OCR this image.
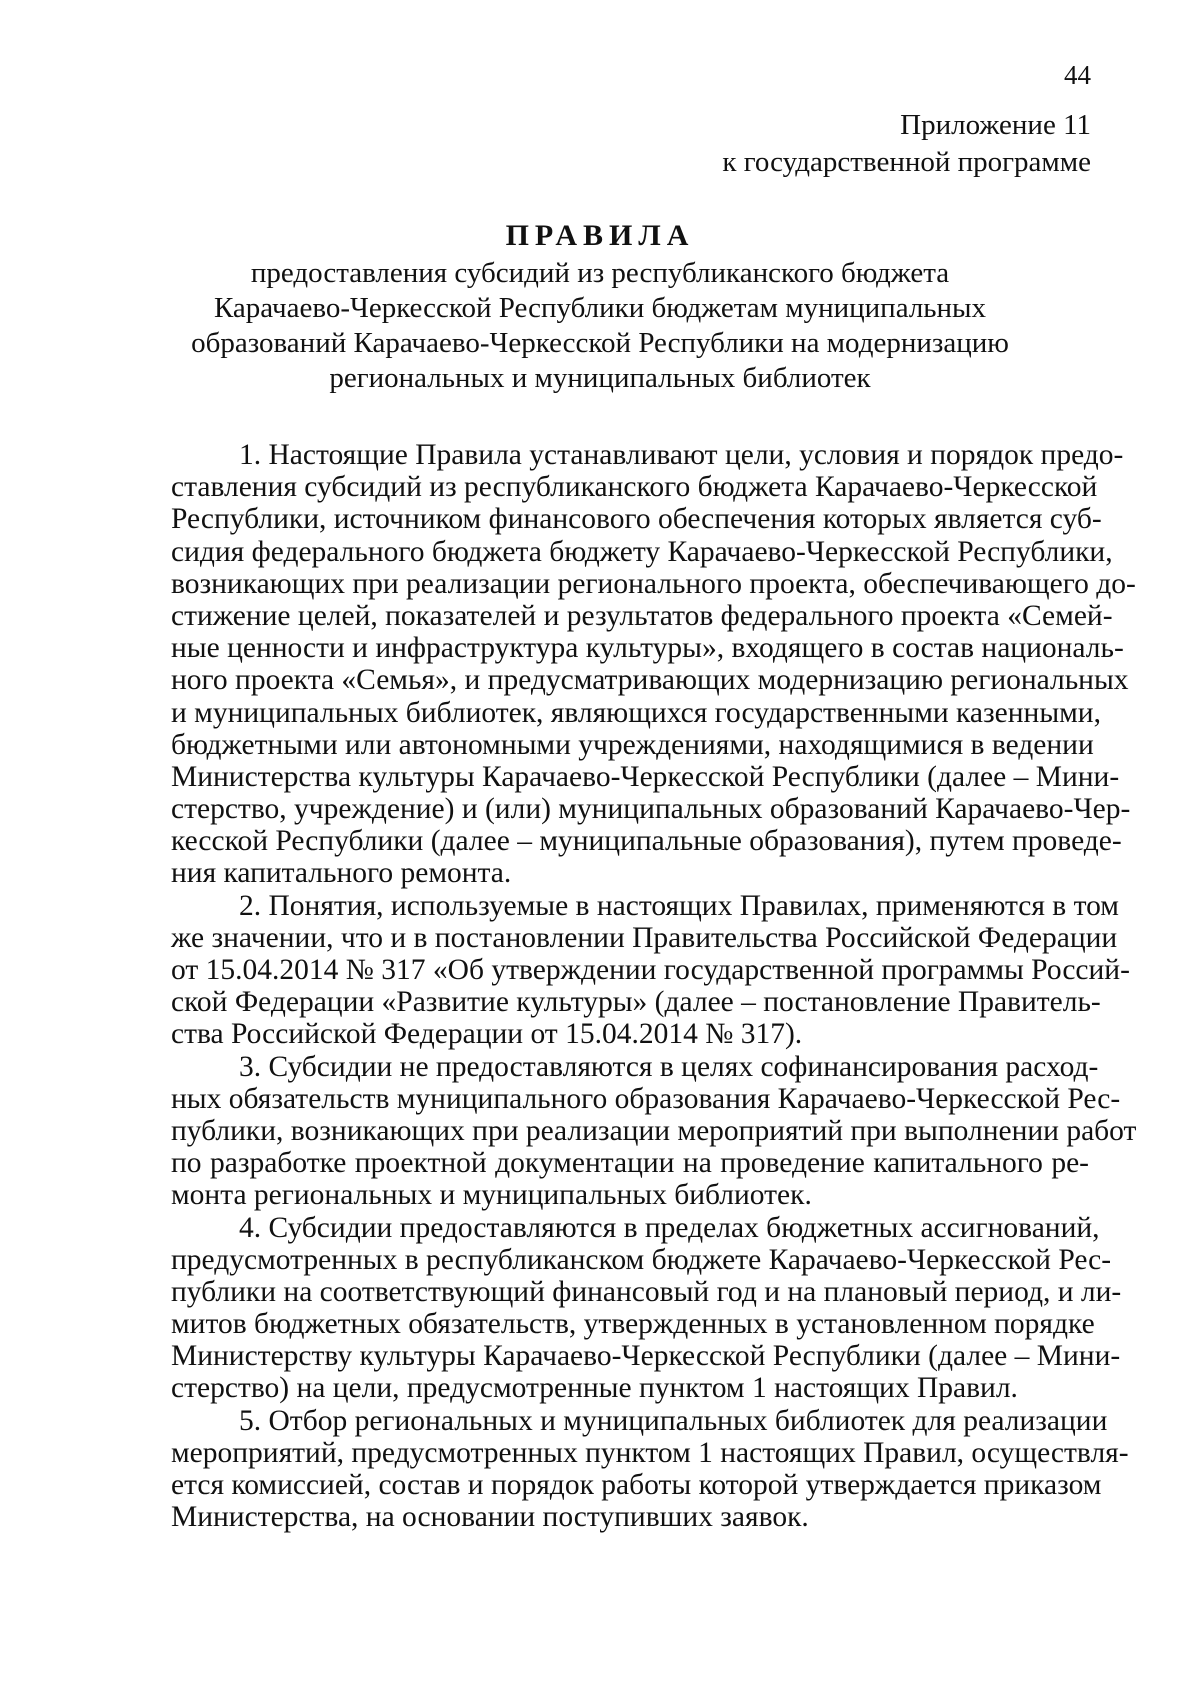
44
Приложение 11
к государственной программе
ПРАВИЛА
предоставления субсидий из республиканского бюджета
Карачаево-Черкесской Республики бюджетам муниципальных
образований Карачаево-Черкесской Республики на модернизацию
региональных и муниципальных библиотек
1. Настоящие Правила устанавливают цели, условия и порядок предо-
ставления субсидий из республиканского бюджета Карачаево-Черкесской
Республики, источником финансового обеспечения которых является суб-
сидия федерального бюджета бюджету Карачаево-Черкесской Республики,
возникающих при реализации регионального проекта, обеспечивающего до-
стижение целей, показателей и результатов федерального проекта «Семей-
ные ценности и инфраструктура культуры», входящего в состав националь-
ного проекта «Семья», и предусматривающих модернизацию региональных
и муниципальных библиотек, являющихся государственными казенными,
бюджетными или автономными учреждениями, находящимися в ведении
Министерства культуры Карачаево-Черкесской Республики (далее – Мини-
стерство, учреждение) и (или) муниципальных образований Карачаево-Чер-
кесской Республики (далее – муниципальные образования), путем проведе-
ния капитального ремонта.
2. Понятия, используемые в настоящих Правилах, применяются в том
же значении, что и в постановлении Правительства Российской Федерации
от 15.04.2014 № 317 «Об утверждении государственной программы Россий-
ской Федерации «Развитие культуры» (далее – постановление Правитель-
ства Российской Федерации от 15.04.2014 № 317).
3. Субсидии не предоставляются в целях софинансирования расход-
ных обязательств муниципального образования Карачаево-Черкесской Рес-
публики, возникающих при реализации мероприятий при выполнении работ
по разработке проектной документации на проведение капитального ре-
монта региональных и муниципальных библиотек.
4. Субсидии предоставляются в пределах бюджетных ассигнований,
предусмотренных в республиканском бюджете Карачаево-Черкесской Рес-
публики на соответствующий финансовый год и на плановый период, и ли-
митов бюджетных обязательств, утвержденных в установленном порядке
Министерству культуры Карачаево-Черкесской Республики (далее – Мини-
стерство) на цели, предусмотренные пунктом 1 настоящих Правил.
5. Отбор региональных и муниципальных библиотек для реализации
мероприятий, предусмотренных пунктом 1 настоящих Правил, осуществля-
ется комиссией, состав и порядок работы которой утверждается приказом
Министерства, на основании поступивших заявок.
